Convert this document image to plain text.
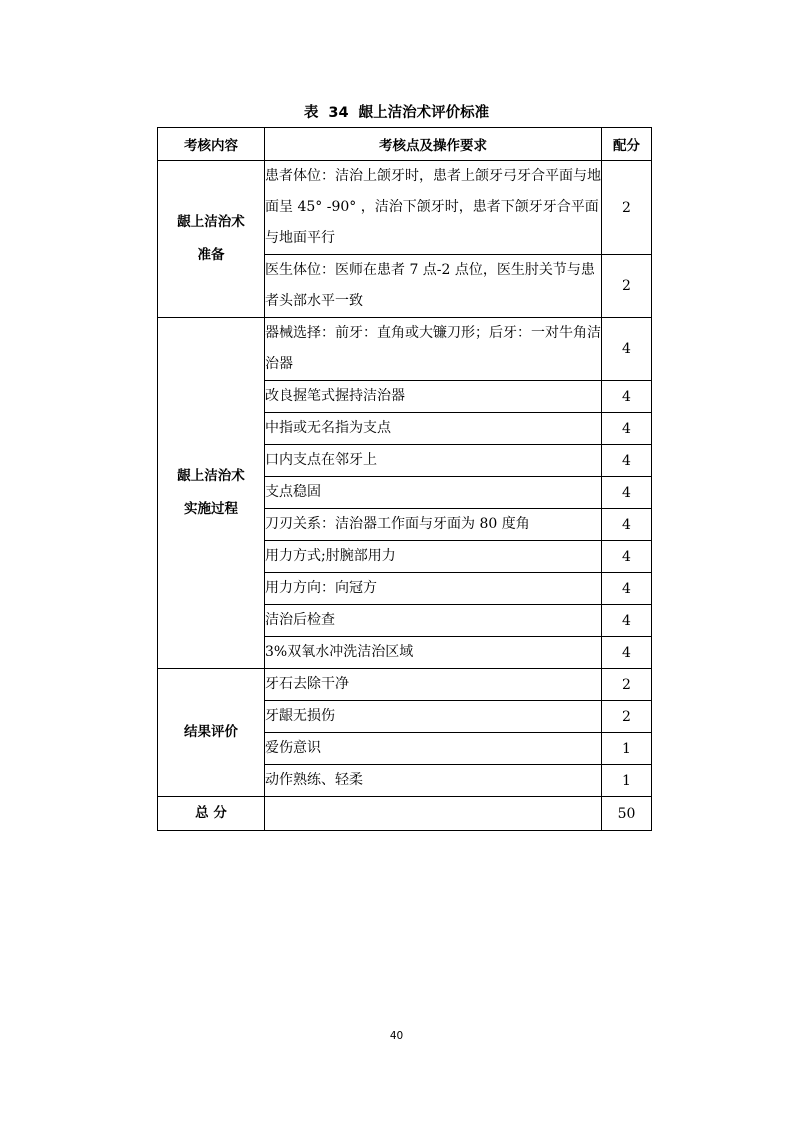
表  34  龈上洁治术评价标准
考核内容	考核点及操作要求	配分

龈上洁治术
准备	患者体位：洁治上颌牙时，患者上颌牙弓牙合平面与地面呈 45° -90° ，洁治下颌牙时，患者下颌牙牙合平面与地面平行	2
	医生体位：医师在患者 7 点-2 点位，医生肘关节与患者头部水平一致	2

龈上洁治术
实施过程	器械选择：前牙：直角或大镰刀形；后牙：一对牛角洁治器	4
	改良握笔式握持洁治器	4
	中指或无名指为支点	4
	口内支点在邻牙上	4
	支点稳固	4
	刀刃关系：洁治器工作面与牙面为 80 度角	4
	用力方式;肘腕部用力	4
	用力方向：向冠方	4
	洁治后检查	4
	3%双氧水冲洗洁治区域	4

结果评价	牙石去除干净	2
	牙龈无损伤	2
	爱伤意识	1
	动作熟练、轻柔	1
总 分		50
40
